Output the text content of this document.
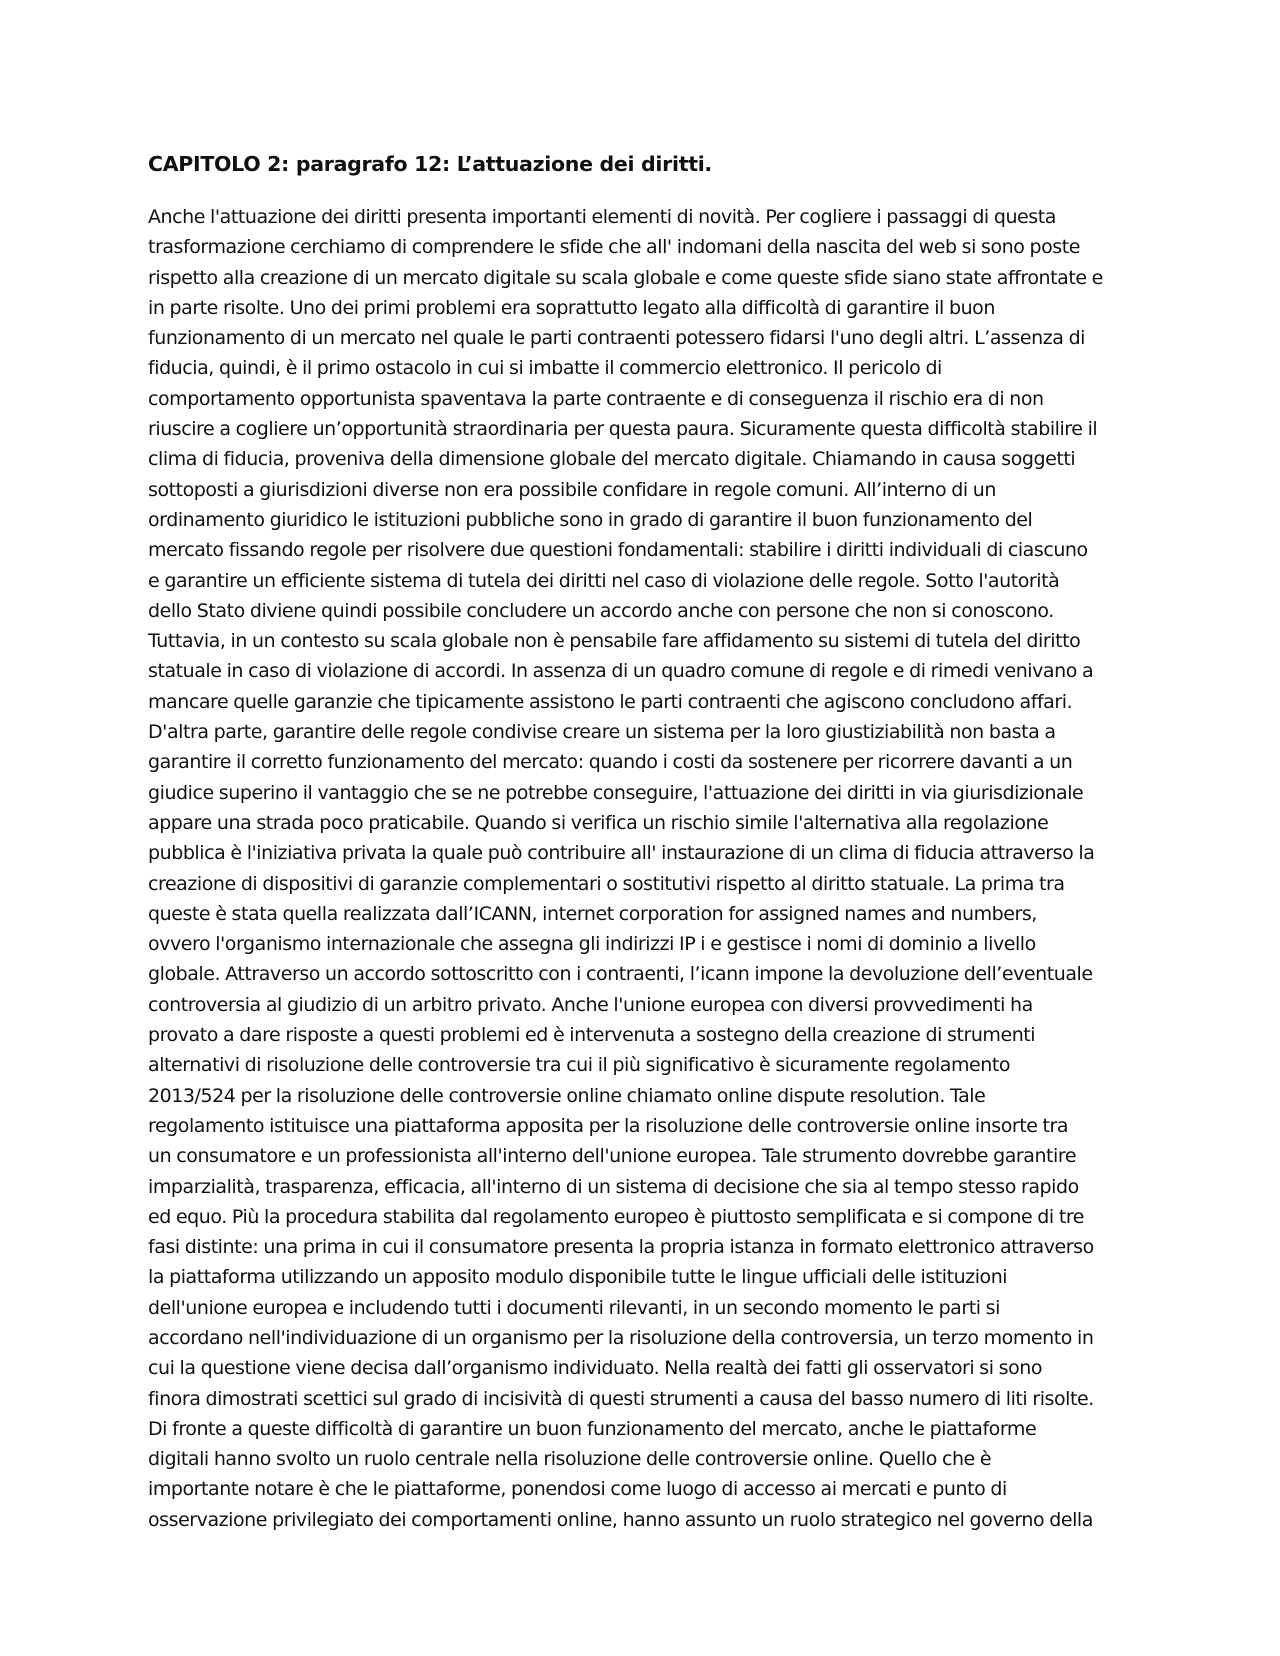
CAPITOLO 2: paragrafo 12: L’attuazione dei diritti.
Anche l'attuazione dei diritti presenta importanti elementi di novità. Per cogliere i passaggi di questa
trasformazione cerchiamo di comprendere le sfide che all' indomani della nascita del web si sono poste
rispetto alla creazione di un mercato digitale su scala globale e come queste sfide siano state affrontate e
in parte risolte. Uno dei primi problemi era soprattutto legato alla difficoltà di garantire il buon
funzionamento di un mercato nel quale le parti contraenti potessero fidarsi l'uno degli altri. L’assenza di
fiducia, quindi, è il primo ostacolo in cui si imbatte il commercio elettronico. Il pericolo di
comportamento opportunista spaventava la parte contraente e di conseguenza il rischio era di non
riuscire a cogliere un’opportunità straordinaria per questa paura. Sicuramente questa difficoltà stabilire il
clima di fiducia, proveniva della dimensione globale del mercato digitale. Chiamando in causa soggetti
sottoposti a giurisdizioni diverse non era possibile confidare in regole comuni. All’interno di un
ordinamento giuridico le istituzioni pubbliche sono in grado di garantire il buon funzionamento del
mercato fissando regole per risolvere due questioni fondamentali: stabilire i diritti individuali di ciascuno
e garantire un efficiente sistema di tutela dei diritti nel caso di violazione delle regole. Sotto l'autorità
dello Stato diviene quindi possibile concludere un accordo anche con persone che non si conoscono.
Tuttavia, in un contesto su scala globale non è pensabile fare affidamento su sistemi di tutela del diritto
statuale in caso di violazione di accordi. In assenza di un quadro comune di regole e di rimedi venivano a
mancare quelle garanzie che tipicamente assistono le parti contraenti che agiscono concludono affari.
D'altra parte, garantire delle regole condivise creare un sistema per la loro giustiziabilità non basta a
garantire il corretto funzionamento del mercato: quando i costi da sostenere per ricorrere davanti a un
giudice superino il vantaggio che se ne potrebbe conseguire, l'attuazione dei diritti in via giurisdizionale
appare una strada poco praticabile. Quando si verifica un rischio simile l'alternativa alla regolazione
pubblica è l'iniziativa privata la quale può contribuire all' instaurazione di un clima di fiducia attraverso la
creazione di dispositivi di garanzie complementari o sostitutivi rispetto al diritto statuale. La prima tra
queste è stata quella realizzata dall’ICANN, internet corporation for assigned names and numbers,
ovvero l'organismo internazionale che assegna gli indirizzi IP i e gestisce i nomi di dominio a livello
globale. Attraverso un accordo sottoscritto con i contraenti, l’icann impone la devoluzione dell’eventuale
controversia al giudizio di un arbitro privato. Anche l'unione europea con diversi provvedimenti ha
provato a dare risposte a questi problemi ed è intervenuta a sostegno della creazione di strumenti
alternativi di risoluzione delle controversie tra cui il più significativo è sicuramente regolamento
2013/524 per la risoluzione delle controversie online chiamato online dispute resolution. Tale
regolamento istituisce una piattaforma apposita per la risoluzione delle controversie online insorte tra
un consumatore e un professionista all'interno dell'unione europea. Tale strumento dovrebbe garantire
imparzialità, trasparenza, efficacia, all'interno di un sistema di decisione che sia al tempo stesso rapido
ed equo. Più la procedura stabilita dal regolamento europeo è piuttosto semplificata e si compone di tre
fasi distinte: una prima in cui il consumatore presenta la propria istanza in formato elettronico attraverso
la piattaforma utilizzando un apposito modulo disponibile tutte le lingue ufficiali delle istituzioni
dell'unione europea e includendo tutti i documenti rilevanti, in un secondo momento le parti si
accordano nell'individuazione di un organismo per la risoluzione della controversia, un terzo momento in
cui la questione viene decisa dall’organismo individuato. Nella realtà dei fatti gli osservatori si sono
finora dimostrati scettici sul grado di incisività di questi strumenti a causa del basso numero di liti risolte.
Di fronte a queste difficoltà di garantire un buon funzionamento del mercato, anche le piattaforme
digitali hanno svolto un ruolo centrale nella risoluzione delle controversie online. Quello che è
importante notare è che le piattaforme, ponendosi come luogo di accesso ai mercati e punto di
osservazione privilegiato dei comportamenti online, hanno assunto un ruolo strategico nel governo della
